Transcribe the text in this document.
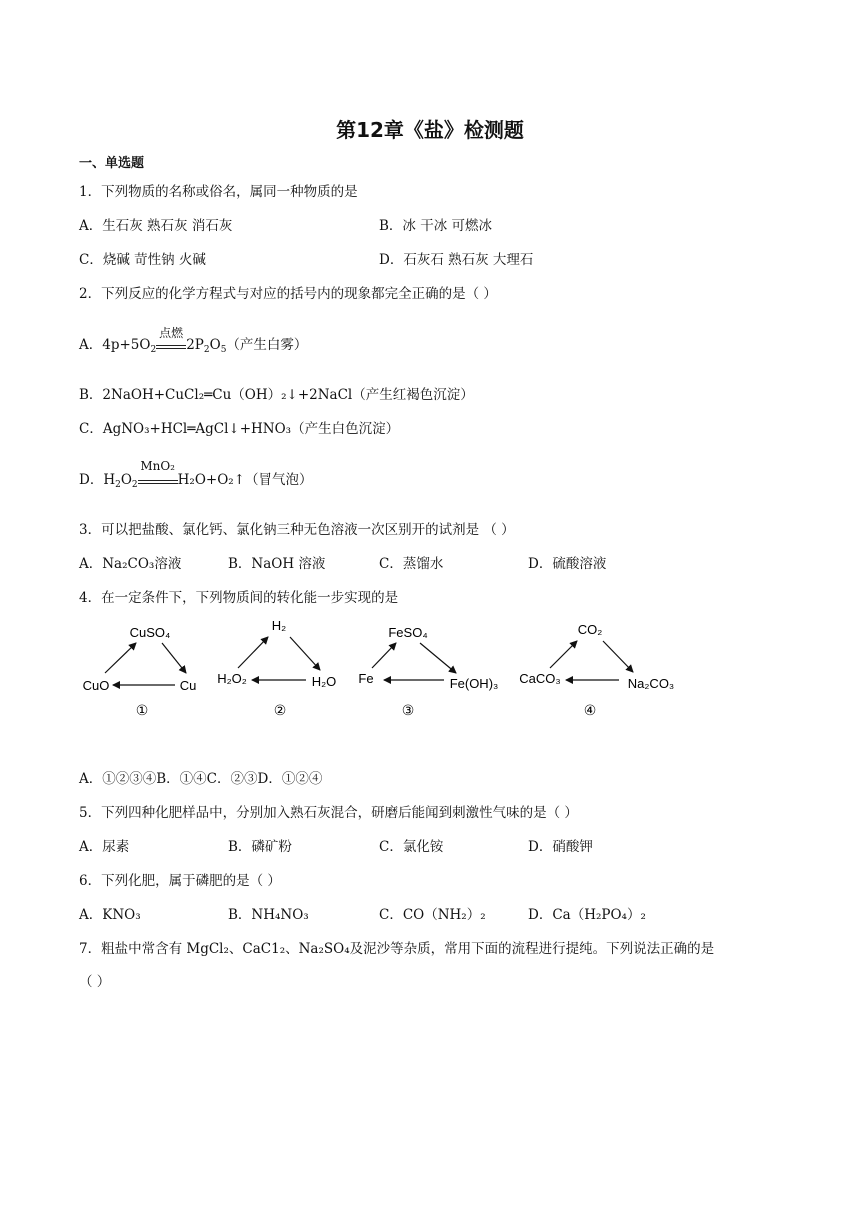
第12章《盐》检测题
一、单选题
1．下列物质的名称或俗名，属同一种物质的是
A．生石灰 熟石灰 消石灰	B．冰 干冰 可燃冰
C．烧碱 苛性钠 火碱	D．石灰石 熟石灰 大理石
2．下列反应的化学方程式与对应的括号内的现象都完全正确的是（ ）
A．$4p+5O_2$
点燃
$2P_2O_5$（产生白雾）
B．2NaOH+CuCl₂═Cu（OH）₂↓+2NaCl（产生红褐色沉淀）
C．AgNO₃+HCl═AgCl↓+HNO₃（产生白色沉淀）
D．$H_2O_2$
MnO₂
H₂O+O₂↑（冒气泡）
3．可以把盐酸、氯化钙、氯化钠三种无色溶液一次区别开的试剂是 （ ）
A．Na₂CO₃溶液	B．NaOH 溶液	C．蒸馏水	D．硫酸溶液
4．在一定条件下，下列物质间的转化能一步实现的是
CuSO₄
CuO	Cu
①
H₂
H₂O₂	H₂O
②
FeSO₄
Fe	Fe(OH)₃
③
CO₂
CaCO₃	Na₂CO₃
④
A．①②③④B．①④C．②③D．①②④
5．下列四种化肥样品中，分别加入熟石灰混合，研磨后能闻到刺激性气味的是（ ）
A．尿素	B．磷矿粉	C．氯化铵	D．硝酸钾
6．下列化肥，属于磷肥的是（ ）
A．KNO₃	B．NH₄NO₃	C．CO（NH₂）₂	D．Ca（H₂PO₄）₂
7．粗盐中常含有 MgCl₂、CaC1₂、Na₂SO₄及泥沙等杂质，常用下面的流程进行提纯。下列说法正确的是
（ ）
